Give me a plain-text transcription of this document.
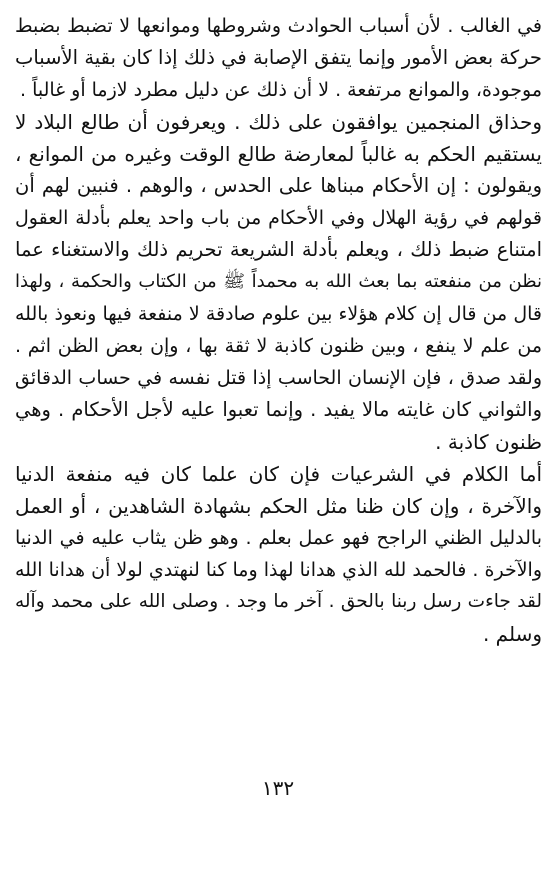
في الغالب . لأن أسباب الحوادث وشروطها وموانعها لا تضبط بضبط
حركة بعض الأمور وإنما يتفق الإصابة في ذلك إذا كان بقية الأسباب
موجودة، والموانع مرتفعة . لا أن ذلك عن دليل مطرد لازما أو غالباً .
وحذاق المنجمين يوافقون على ذلك . ويعرفون أن طالع البلاد لا
يستقيم الحكم به غالباً لمعارضة طالع الوقت وغيره من الموانع ،
ويقولون : إن الأحكام مبناها على الحدس ، والوهم . فنبين لهم أن
قولهم في رؤية الهلال وفي الأحكام من باب واحد يعلم بأدلة العقول
امتناع ضبط ذلك ، ويعلم بأدلة الشريعة تحريم ذلك والاستغناء عما
نظن من منفعته بما بعث الله به محمداً ﷺ من الكتاب والحكمة ، ولهذا
قال من قال إن كلام هؤلاء بين علوم صادقة لا منفعة فيها ونعوذ بالله
من علم لا ينفع ، وبين ظنون كاذبة لا ثقة بها ، وإن بعض الظن اثم .
ولقد صدق ، فإن الإنسان الحاسب إذا قتل نفسه في حساب الدقائق
والثواني كان غايته مالا يفيد . وإنما تعبوا عليه لأجل الأحكام . وهي
ظنون كاذبة .
أما الكلام في الشرعيات فإن كان علما كان فيه منفعة الدنيا
والآخرة ، وإن كان ظنا مثل الحكم بشهادة الشاهدين ، أو العمل
بالدليل الظني الراجح فهو عمل بعلم . وهو ظن يثاب عليه في الدنيا
والآخرة . فالحمد لله الذي هدانا لهذا وما كنا لنهتدي لولا أن هدانا الله
لقد جاءت رسل ربنا بالحق . آخر ما وجد . وصلى الله على محمد وآله
وسلم .
١٣٢
